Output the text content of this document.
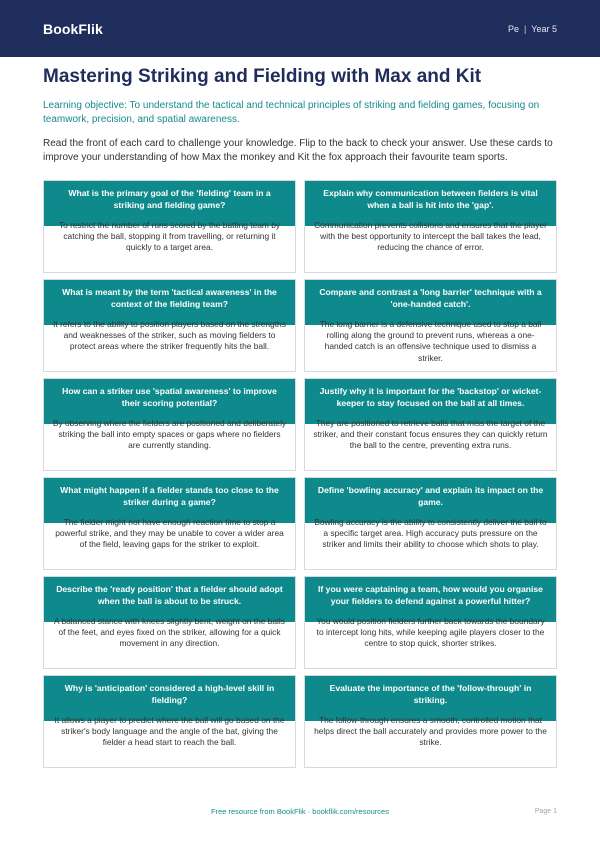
BookFlik	Pe | Year 5
Mastering Striking and Fielding with Max and Kit

Learning objective: To understand the tactical and technical principles of striking and fielding games, focusing on teamwork, precision, and spatial awareness.

Read the front of each card to challenge your knowledge. Flip to the back to check your answer. Use these cards to improve your understanding of how Max the monkey and Kit the fox approach their favourite team sports.

What is the primary goal of the 'fielding' team in a striking and fielding game?
To restrict the number of runs scored by the batting team by catching the ball, stopping it from travelling, or returning it quickly to a target area.
Explain why communication between fielders is vital when a ball is hit into the 'gap'.
Communication prevents collisions and ensures that the player with the best opportunity to intercept the ball takes the lead, reducing the chance of error.
What is meant by the term 'tactical awareness' in the context of the fielding team?
It refers to the ability to position players based on the strengths and weaknesses of the striker, such as moving fielders to protect areas where the striker frequently hits the ball.
Compare and contrast a 'long barrier' technique with a 'one-handed catch'.
The long barrier is a defensive technique used to stop a ball rolling along the ground to prevent runs, whereas a one-handed catch is an offensive technique used to dismiss a striker.
How can a striker use 'spatial awareness' to improve their scoring potential?
By observing where the fielders are positioned and deliberately striking the ball into empty spaces or gaps where no fielders are currently standing.
Justify why it is important for the 'backstop' or wicket-keeper to stay focused on the ball at all times.
They are positioned to retrieve balls that miss the target of the striker, and their constant focus ensures they can quickly return the ball to the centre, preventing extra runs.
What might happen if a fielder stands too close to the striker during a game?
The fielder might not have enough reaction time to stop a powerful strike, and they may be unable to cover a wider area of the field, leaving gaps for the striker to exploit.
Define 'bowling accuracy' and explain its impact on the game.
Bowling accuracy is the ability to consistently deliver the ball to a specific target area. High accuracy puts pressure on the striker and limits their ability to choose which shots to play.
Describe the 'ready position' that a fielder should adopt when the ball is about to be struck.
A balanced stance with knees slightly bent, weight on the balls of the feet, and eyes fixed on the striker, allowing for a quick movement in any direction.
If you were captaining a team, how would you organise your fielders to defend against a powerful hitter?
You would position fielders further back towards the boundary to intercept long hits, while keeping agile players closer to the centre to stop quick, shorter strikes.
Why is 'anticipation' considered a high-level skill in fielding?
It allows a player to predict where the ball will go based on the striker's body language and the angle of the bat, giving the fielder a head start to reach the ball.
Evaluate the importance of the 'follow-through' in striking.
The follow-through ensures a smooth, controlled motion that helps direct the ball accurately and provides more power to the strike.
Free resource from BookFlik · bookflik.com/resources	Page 1
